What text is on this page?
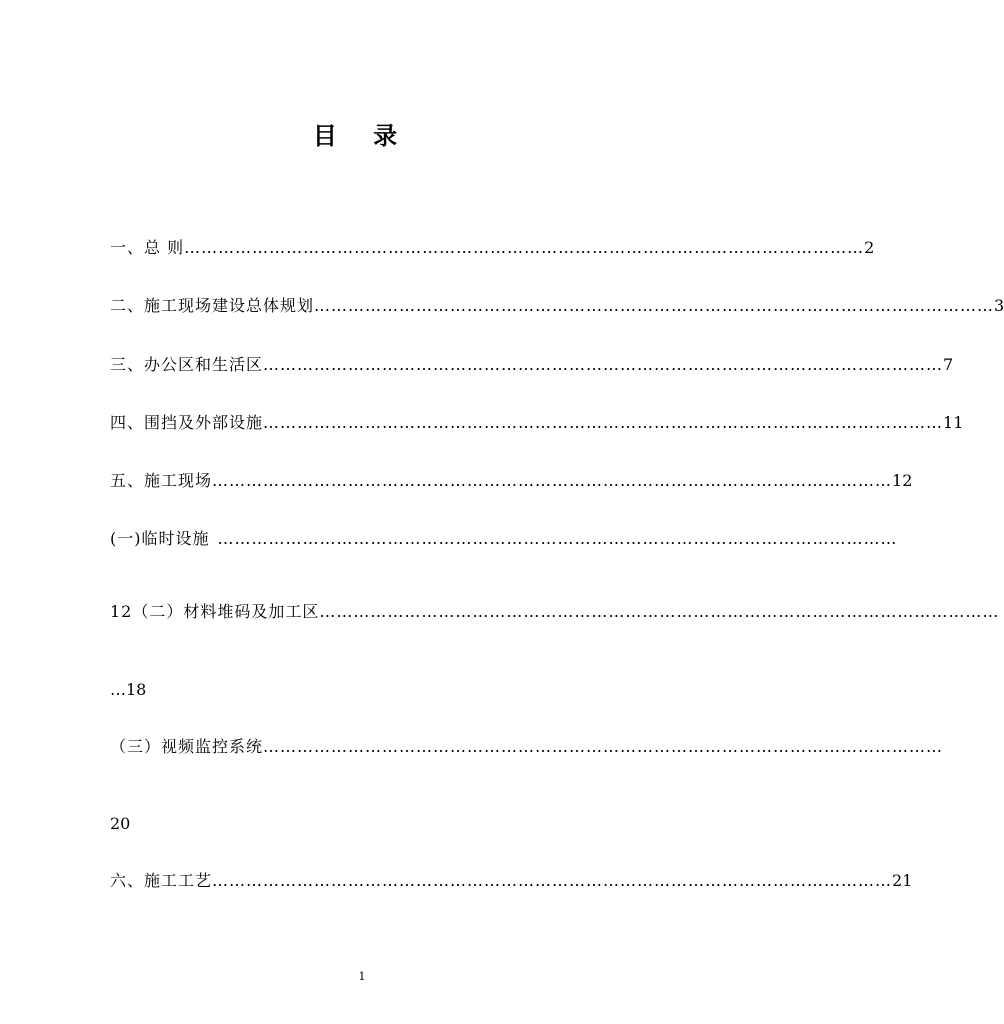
目 录
一、总 则 ………………………………………………………………………………………………………… 2
二、施工现场建设总体规划 ………………………………………………………………………………………………………… 3
三、办公区和生活区 ………………………………………………………………………………………………………… 7
四、围挡及外部设施 ………………………………………………………………………………………………………… 11
五、施工现场 ………………………………………………………………………………………………………… 12
(一)临时设施 …………………………………………………………………………………………………………
12（二）材料堆码及加工区 …………………………………………………………………………………………………………
…18
（三）视频监控系统 …………………………………………………………………………………………………………
20
六、施工工艺 ………………………………………………………………………………………………………… 21
1
